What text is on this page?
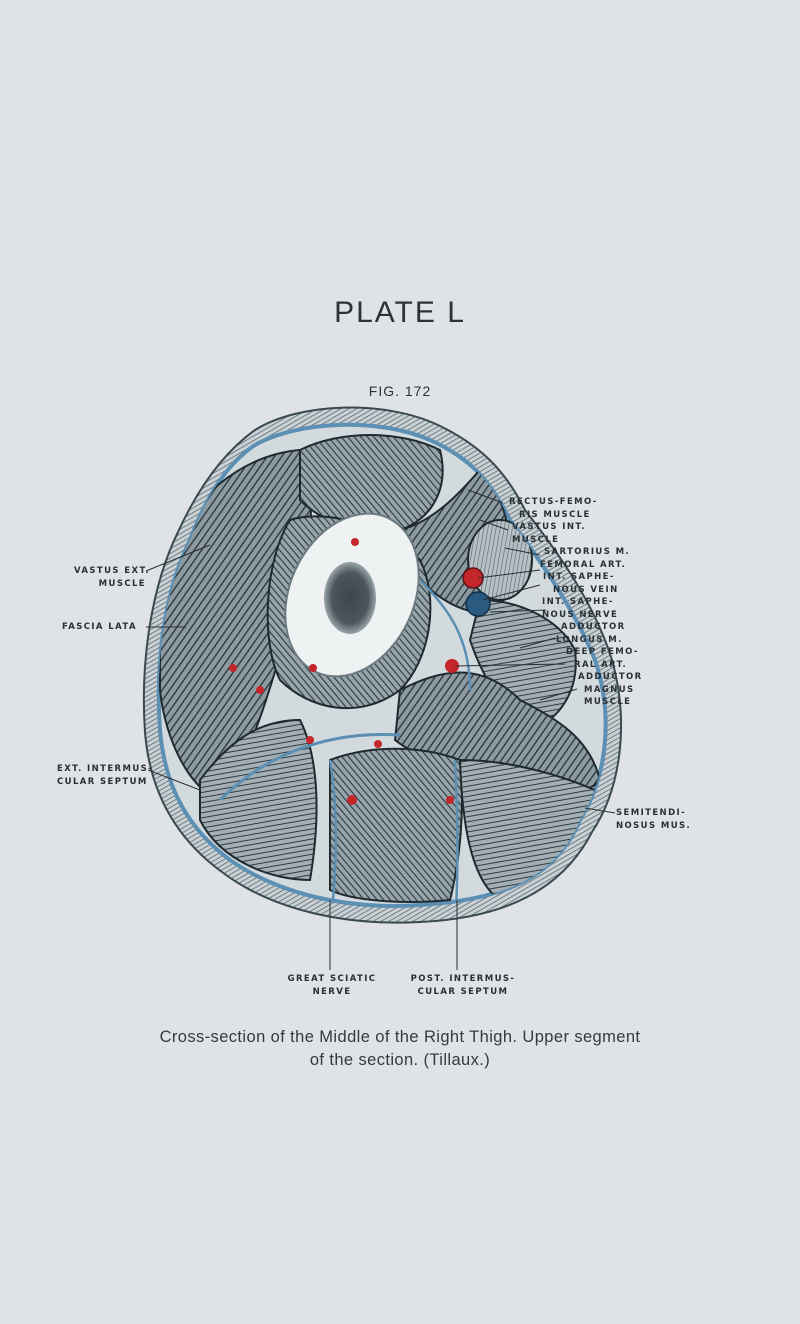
PLATE L
FIG. 172
RECTUS-FEMO-
RIS MUSCLE
VASTUS INT.
MUSCLE
SARTORIUS M.
FEMORAL ART.
INT. SAPHE-
NOUS VEIN
INT. SAPHE-
NOUS NERVE
ADDUCTOR
LONGUS M.
DEEP FEMO-
RAL ART.
ADDUCTOR
MAGNUS
MUSCLE
SEMITENDI-
NOSUS MUS.
VASTUS EXT.
MUSCLE
FASCIA LATA
EXT. INTERMUS-
CULAR SEPTUM
GREAT SCIATIC
NERVE
POST. INTERMUS-
CULAR SEPTUM
Cross-section of the Middle of the Right Thigh. Upper segment
of the section. (Tillaux.)
